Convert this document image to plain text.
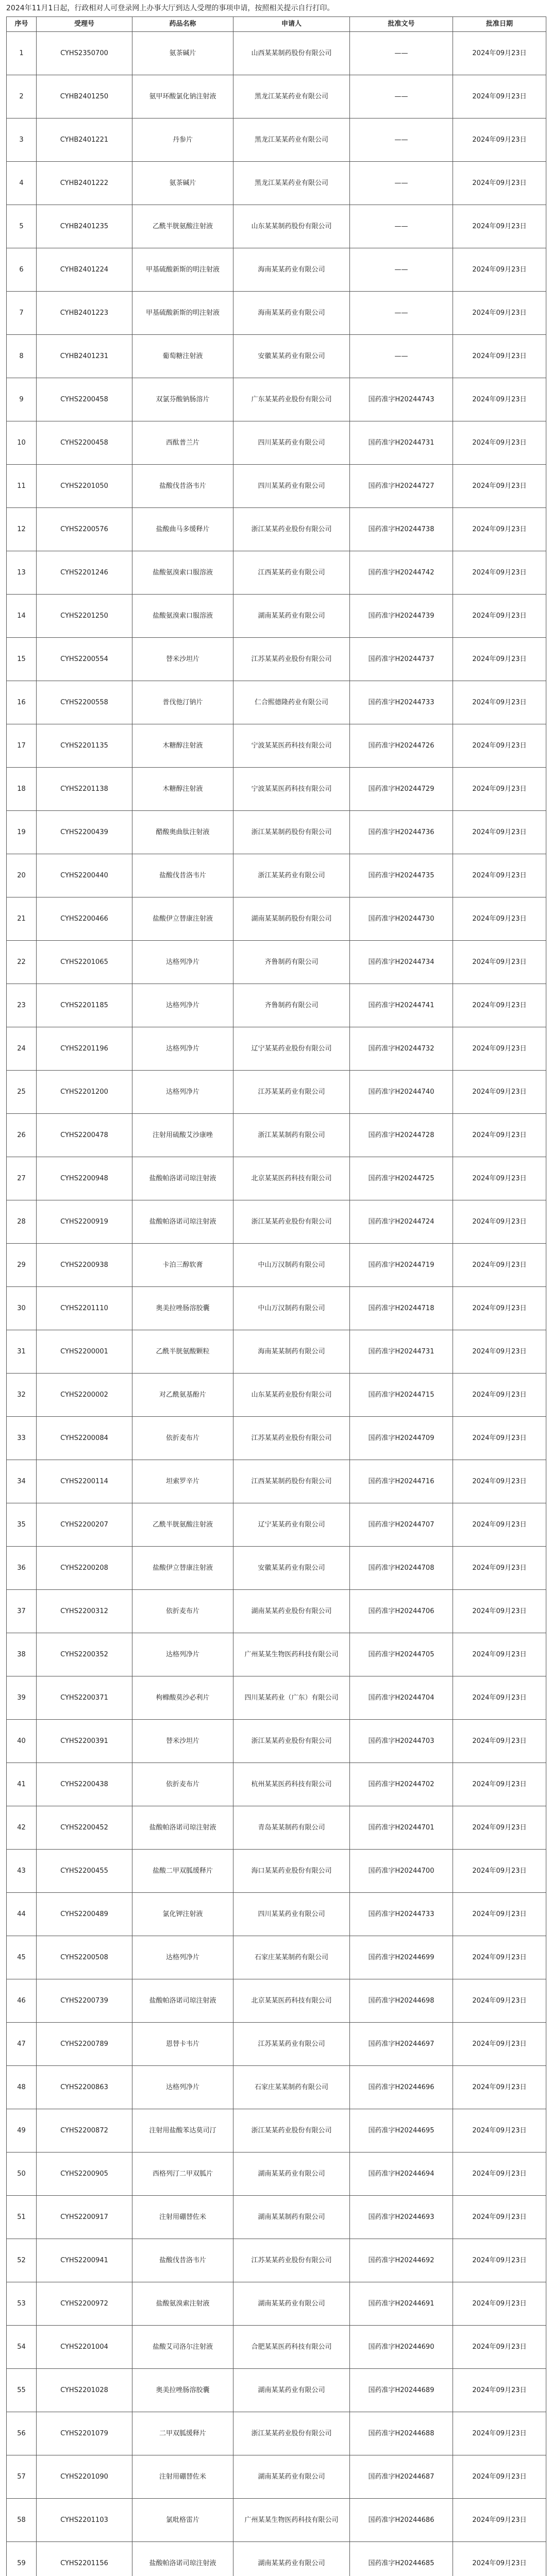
2024年11月1日起，行政相对人可登录网上办事大厅到达人受理的事项申请，按照相关提示自行打印。
序号	受理号	药品名称	申请人	批准文号	批准日期
1	CYHS2350700	氨茶碱片	山西某某制药股份有限公司	——	2024年09月23日
2	CYHB2401250	氨甲环酸氯化钠注射液	黑龙江某某药业有限公司	——	2024年09月23日
3	CYHB2401221	丹参片	黑龙江某某药业有限公司	——	2024年09月23日
4	CYHB2401222	氨茶碱片	黑龙江某某药业有限公司	——	2024年09月23日
5	CYHB2401235	乙酰半胱氨酸注射液	山东某某制药股份有限公司	——	2024年09月23日
6	CYHB2401224	甲基硫酸新斯的明注射液	海南某某药业有限公司	——	2024年09月23日
7	CYHB2401223	甲基硫酸新斯的明注射液	海南某某药业有限公司	——	2024年09月23日
8	CYHB2401231	葡萄糖注射液	安徽某某药业有限公司	——	2024年09月23日
9	CYHS2200458	双氯芬酸钠肠溶片	广东某某药业股份有限公司	国药准字H20244743	2024年09月23日
10	CYHS2200458	西酞普兰片	四川某某药业有限公司	国药准字H20244731	2024年09月23日
11	CYHS2201050	盐酸伐昔洛韦片	四川某某药业有限公司	国药准字H20244727	2024年09月23日
12	CYHS2200576	盐酸曲马多缓释片	浙江某某药业股份有限公司	国药准字H20244738	2024年09月23日
13	CYHS2201246	盐酸氨溴索口服溶液	江西某某药业有限公司	国药准字H20244742	2024年09月23日
14	CYHS2201250	盐酸氨溴索口服溶液	湖南某某药业有限公司	国药准字H20244739	2024年09月23日
15	CYHS2200554	替米沙坦片	江苏某某药业股份有限公司	国药准字H20244737	2024年09月23日
16	CYHS2200558	普伐他汀钠片	仁合熙德隆药业有限公司	国药准字H20244733	2024年09月23日
17	CYHS2201135	木糖醇注射液	宁波某某医药科技有限公司	国药准字H20244726	2024年09月23日
18	CYHS2201138	木糖醇注射液	宁波某某医药科技有限公司	国药准字H20244729	2024年09月23日
19	CYHS2200439	醋酸奥曲肽注射液	浙江某某制药股份有限公司	国药准字H20244736	2024年09月23日
20	CYHS2200440	盐酸伐昔洛韦片	浙江某某药业有限公司	国药准字H20244735	2024年09月23日
21	CYHS2200466	盐酸伊立替康注射液	湖南某某制药股份有限公司	国药准字H20244730	2024年09月23日
22	CYHS2201065	达格列净片	齐鲁制药有限公司	国药准字H20244734	2024年09月23日
23	CYHS2201185	达格列净片	齐鲁制药有限公司	国药准字H20244741	2024年09月23日
24	CYHS2201196	达格列净片	辽宁某某药业股份有限公司	国药准字H20244732	2024年09月23日
25	CYHS2201200	达格列净片	江苏某某药业有限公司	国药准字H20244740	2024年09月23日
26	CYHS2200478	注射用硫酸艾沙康唑	浙江某某制药有限公司	国药准字H20244728	2024年09月23日
27	CYHS2200948	盐酸帕洛诺司琼注射液	北京某某医药科技有限公司	国药准字H20244725	2024年09月23日
28	CYHS2200919	盐酸帕洛诺司琼注射液	浙江某某药业股份有限公司	国药准字H20244724	2024年09月23日
29	CYHS2200938	卡泊三醇软膏	中山万汉制药有限公司	国药准字H20244719	2024年09月23日
30	CYHS2201110	奥美拉唑肠溶胶囊	中山万汉制药有限公司	国药准字H20244718	2024年09月23日
31	CYHS2200001	乙酰半胱氨酸颗粒	海南某某制药有限公司	国药准字H20244731	2024年09月23日
32	CYHS2200002	对乙酰氨基酚片	山东某某药业股份有限公司	国药准字H20244715	2024年09月23日
33	CYHS2200084	依折麦布片	江苏某某药业股份有限公司	国药准字H20244709	2024年09月23日
34	CYHS2200114	坦索罗辛片	江西某某制药股份有限公司	国药准字H20244716	2024年09月23日
35	CYHS2200207	乙酰半胱氨酸注射液	辽宁某某药业有限公司	国药准字H20244707	2024年09月23日
36	CYHS2200208	盐酸伊立替康注射液	安徽某某药业有限公司	国药准字H20244708	2024年09月23日
37	CYHS2200312	依折麦布片	湖南某某药业股份有限公司	国药准字H20244706	2024年09月23日
38	CYHS2200352	达格列净片	广州某某生物医药科技有限公司	国药准字H20244705	2024年09月23日
39	CYHS2200371	枸橼酸莫沙必利片	四川某某药业（广东）有限公司	国药准字H20244704	2024年09月23日
40	CYHS2200391	替米沙坦片	浙江某某药业股份有限公司	国药准字H20244703	2024年09月23日
41	CYHS2200438	依折麦布片	杭州某某医药科技有限公司	国药准字H20244702	2024年09月23日
42	CYHS2200452	盐酸帕洛诺司琼注射液	青岛某某制药有限公司	国药准字H20244701	2024年09月23日
43	CYHS2200455	盐酸二甲双胍缓释片	海口某某药业股份有限公司	国药准字H20244700	2024年09月23日
44	CYHS2200489	氯化钾注射液	四川某某药业有限公司	国药准字H20244733	2024年09月23日
45	CYHS2200508	达格列净片	石家庄某某制药有限公司	国药准字H20244699	2024年09月23日
46	CYHS2200739	盐酸帕洛诺司琼注射液	北京某某医药科技有限公司	国药准字H20244698	2024年09月23日
47	CYHS2200789	恩替卡韦片	江苏某某药业有限公司	国药准字H20244697	2024年09月23日
48	CYHS2200863	达格列净片	石家庄某某制药有限公司	国药准字H20244696	2024年09月23日
49	CYHS2200872	注射用盐酸苯达莫司汀	浙江某某药业股份有限公司	国药准字H20244695	2024年09月23日
50	CYHS2200905	西格列汀二甲双胍片	湖南某某药业有限公司	国药准字H20244694	2024年09月23日
51	CYHS2200917	注射用硼替佐米	湖南某某制药有限公司	国药准字H20244693	2024年09月23日
52	CYHS2200941	盐酸伐昔洛韦片	江苏某某药业股份有限公司	国药准字H20244692	2024年09月23日
53	CYHS2200972	盐酸氨溴索注射液	湖南某某药业有限公司	国药准字H20244691	2024年09月23日
54	CYHS2201004	盐酸艾司洛尔注射液	合肥某某医药科技有限公司	国药准字H20244690	2024年09月23日
55	CYHS2201028	奥美拉唑肠溶胶囊	湖南某某药业有限公司	国药准字H20244689	2024年09月23日
56	CYHS2201079	二甲双胍缓释片	浙江某某药业股份有限公司	国药准字H20244688	2024年09月23日
57	CYHS2201090	注射用硼替佐米	湖南某某药业有限公司	国药准字H20244687	2024年09月23日
58	CYHS2201103	氯吡格雷片	广州某某生物医药科技有限公司	国药准字H20244686	2024年09月23日
59	CYHS2201156	盐酸帕洛诺司琼注射液	湖南某某药业有限公司	国药准字H20244685	2024年09月23日
